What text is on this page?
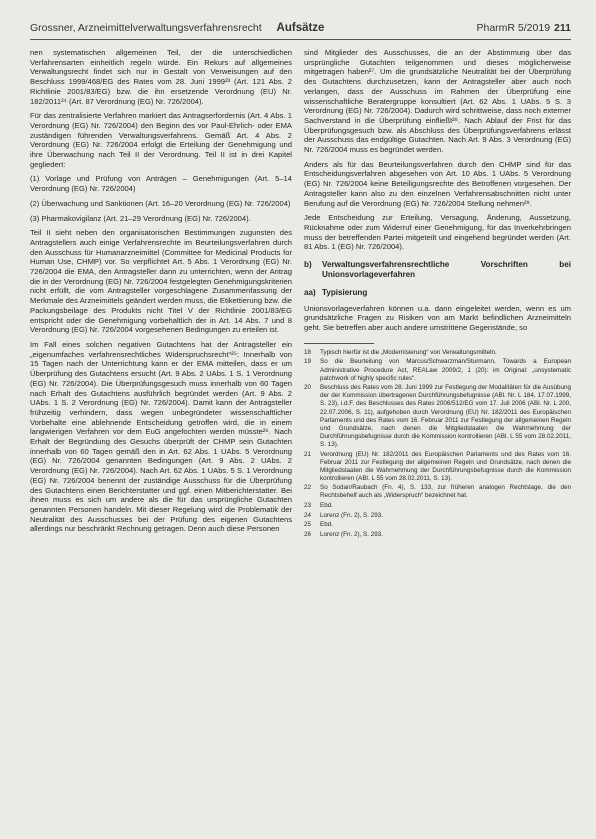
Grossner, Arzneimittelverwaltungsverfahrensrecht	Aufsätze	PharmR 5/2019 211

nen systematischen allgemeinen Teil, der die unterschiedlichen Verfahrensarten einheitlich regeln würde. Ein Rekurs auf allgemeines Verwaltungsrecht findet sich nur in Gestalt von Verweisungen auf den Beschluss 1999/468/EG des Rates vom 28. Juni 1999²³ (Art. 121 Abs. 2 Richtlinie 2001/83/EG) bzw. die ihn ersetzende Verordnung (EU) Nr. 182/2011²⁴ (Art. 87 Verordnung (EG) Nr. 726/2004).

Für das zentralisierte Verfahren markiert das Antragserfordernis (Art. 4 Abs. 1 Verordnung (EG) Nr. 726/2004) den Beginn des vor Paul-Ehrlich- oder EMA zuständigen führenden Verwaltungsverfahrens. Gemäß Art. 4 Abs. 2 Verordnung (EG) Nr. 726/2004 erfolgt die Erteilung der Genehmigung und ihre Überwachung nach Teil II der Verordnung. Teil II ist in drei Kapitel gegliedert:

(1) Vorlage und Prüfung von Anträgen – Genehmigungen (Art. 5–14 Verordnung (EG) Nr. 726/2004)

(2) Überwachung und Sanktionen (Art. 16–20 Verordnung (EG) Nr. 726/2004)

(3) Pharmakovigilanz (Art. 21–29 Verordnung (EG) Nr. 726/2004).

Teil II sieht neben den organisatorischen Bestimmungen zugunsten des Antragstellers auch einige Verfahrensrechte im Beurteilungsverfahren durch den Ausschuss für Humanarzneimittel (Committee for Medicinal Products for Human Use, CHMP) vor. So verpflichtet Art. 5 Abs. 1 Verordnung (EG) Nr. 726/2004 die EMA, den Antragsteller dann zu unterrichten, wenn der Antrag die in der Verordnung (EG) Nr. 726/2004 festgelegten Genehmigungskriterien nicht erfüllt, die vom Antragsteller vorgeschlagene Zusammenfassung der Merkmale des Arzneimittels geändert werden muss, die Etikettierung bzw. die Packungsbeilage des Produkts nicht Titel V der Richtlinie 2001/83/EG entspricht oder die Genehmigung vorbehaltlich der in Art. 14 Abs. 7 und 8 Verordnung (EG) Nr. 726/2004 vorgesehenen Bedingungen zu erteilen ist.

Im Fall eines solchen negativen Gutachtens hat der Antragsteller ein „eigenumfaches verfahrensrechtliches Widerspruchsrecht“²⁵: Innerhalb von 15 Tagen nach der Unterrichtung kann er der EMA mitteilen, dass er um Überprüfung des Gutachtens ersucht (Art. 9 Abs. 2 UAbs. 1 S. 1 Verordnung (EG) Nr. 726/2004). Die Überprüfungsgesuch muss innerhalb von 60 Tagen nach Erhalt des Gutachtens ausführlich begründet werden (Art. 9 Abs. 2 UAbs. 1 S. 2 Verordnung (EG) Nr. 726/2004). Damit kann der Antragsteller frühzeitig verhindern, dass wegen unbegründeter wissenschaftlicher Vorbehalte eine ablehnende Entscheidung getroffen wird, die in einem langwierigen Verfahren vor dem EuG angefochten werden müsste²⁶. Nach Erhalt der Begründung des Gesuchs überprüft der CHMP sein Gutachten innerhalb von 60 Tagen gemäß den in Art. 62 Abs. 1 UAbs. 5 Verordnung (EG) Nr. 726/2004 genannten Bedingungen (Art. 9 Abs. 2 UAbs. 2 Verordnung (EG) Nr. 726/2004). Nach Art. 62 Abs. 1 UAbs. 5 S. 1 Verordnung (EG) Nr. 726/2004 benennt der zuständige Ausschuss für die Überprüfung des Gutachtens einen Berichterstatter und ggf. einen Mitberichterstatter. Bei ihnen muss es sich um andere als die für das ursprüngliche Gutachten genannten Personen handeln. Mit dieser Regelung wird die Problematik der Neutralität des Ausschusses bei der Prüfung des eigenen Gutachtens allerdings nur beschränkt Rechnung getragen. Denn auch diese Personen

sind Mitglieder des Ausschusses, die an der Abstimmung über das ursprüngliche Gutachten teilgenommen und dieses möglicherweise mitgetragen haben²⁷. Um die grundsätzliche Neutralität bei der Überprüfung des Gutachtens durchzusetzen, kann der Antragsteller aber auch noch verlangen, dass der Ausschuss im Rahmen der Überprüfung eine wissenschaftliche Beratergruppe konsultiert (Art. 62 Abs. 1 UAbs. 5 S. 3 Verordnung (EG) Nr. 726/2004). Dadurch wird schrittweise, dass noch externer Sachverstand in die Überprüfung einfließt²⁸. Nach Ablauf der Frist für das Überprüfungsgesuch bzw. als Abschluss des Überprüfungsverfahrens erlässt der Ausschuss das endgültige Gutachten. Nach Art. 9 Abs. 3 Verordnung (EG) Nr. 726/2004 muss es begründet werden.

Anders als für das Beurteilungsverfahren durch den CHMP sind für das Entscheidungsverfahren abgesehen von Art. 10 Abs. 1 UAbs. 5 Verordnung (EG) Nr. 726/2004 keine Beteiligungsrechte des Betroffenen vorgesehen. Der Antragsteller kann also zu den einzelnen Verfahrensabschnitten nicht unter Berufung auf die Verordnung (EG) Nr. 726/2004 Stellung nehmen²⁹.

Jede Entscheidung zur Erteilung, Versagung, Änderung, Aussetzung, Rücknahme oder zum Widerruf einer Genehmigung, für das Inverkehrbringen muss der betreffenden Partei mitgeteilt und eingehend begründet werden (Art. 81 Abs. 1 (EG) Nr. 726/2004).

b)	Verwaltungsverfahrensrechtliche Vorschriften bei Unionsvorlageverfahren
aa) Typisierung

Unionsvorlageverfahren können u.a. dann eingeleitet werden, wenn es um grundsätzliche Fragen zu Risiken von am Markt befindlichen Arzneimitteln geht. Sie betreffen aber auch andere umstrittene Gegenstände, so

18	Typisch hierfür ist die „Modernisierung“ von Verwaltungsmitteln.
19	So die Beurteilung von Marcus/Schwarzman/Sturmann, Towards a European Administrative Procedure Act, REALaw 2009/2, 1 (20): im Original: „unsystematic patchwork of highly specific rules“.
20	Beschluss des Rates vom 28. Juni 1999 zur Festlegung der Modalitäten für die Ausübung der der Kommission übertragenen Durchführungsbefugnisse (ABl. Nr. L 184, 17.07.1999, S. 23), i.d.F. des Beschlusses des Rates 2006/512/EG vom 17. Juli 2006 (ABl. Nr. L 200, 22.07.2006, S. 11), aufgehoben durch Verordnung (EU) Nr. 182/2011 des Europäischen Parlaments und des Rates vom 16. Februar 2011 zur Festlegung der allgemeinen Regeln und Grundsätze, nach denen die Mitgliedstaaten die Wahrnehmung der Durchführungsbefugnisse durch die Kommission kontrollieren (ABl. L 55 vom 28.02.2011, S. 13).
21	Verordnung (EU) Nr. 182/2011 des Europäischen Parlaments und des Rates vom 16. Februar 2011 zur Festlegung der allgemeinen Regeln und Grundsätze, nach denen die Mitgliedstaaten die Wahrnehmung der Durchführungsbefugnisse durch die Kommission kontrollieren (ABl. L 55 vom 28.02.2011, S. 13).
22	So Sodan/Raubach (Fn. 4), S. 133, zur früheren analogen Rechtslage, die den Rechtsbehelf auch als „Widerspruch“ bezeichnet hat.
23	Ebd.
24	Lorenz (Fn. 2), S. 293.
25	Ebd.
26	Lorenz (Fn. 2), S. 293.
